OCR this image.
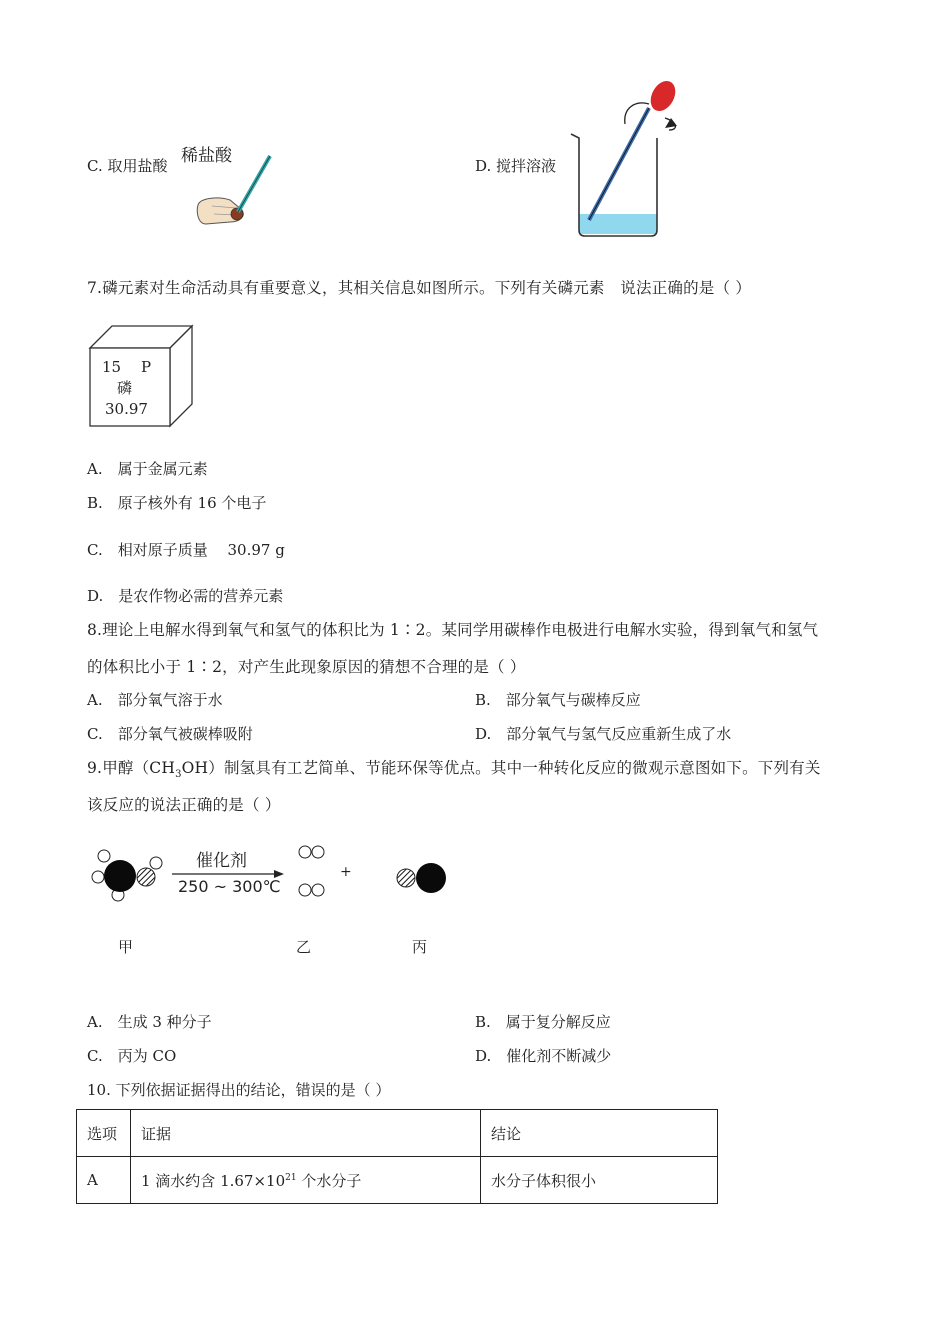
C. 取用盐酸 稀盐酸	D. 搅拌溶液
7.磷元素对生命活动具有重要意义，其相关信息如图所示。下列有关磷元素　说法正确的是（ ）
15 P
磷
30.97
A.　属于金属元素
B.　原子核外有 16 个电子
C.　相对原子质量　 30.97 g
D.　是农作物必需的营养元素
8.理论上电解水得到氧气和氢气的体积比为 1∶2。某同学用碳棒作电极进行电解水实验，得到氧气和氢气
的体积比小于 1∶2，对产生此现象原因的猜想不合理的是（ ）
A.　部分氧气溶于水	B.　部分氧气与碳棒反应
C.　部分氧气被碳棒吸附	D.　部分氧气与氢气反应重新生成了水
9.甲醇$(CH_3OH)$制氢具有工艺简单、节能环保等优点。其中一种转化反应的微观示意图如下。下列有关
该反应的说法正确的是（ ）
催化剂
250 ~ 300℃
+
甲	乙	丙
A.　生成 3 种分子	B.　属于复分解反应
C.　丙为 CO	D.　催化剂不断减少
10. 下列依据证据得出的结论，错误的是（ ）
选项	证据	结论
A	1 滴水约含 $1.67\times 10^{21}$ 个水分子	水分子体积很小
